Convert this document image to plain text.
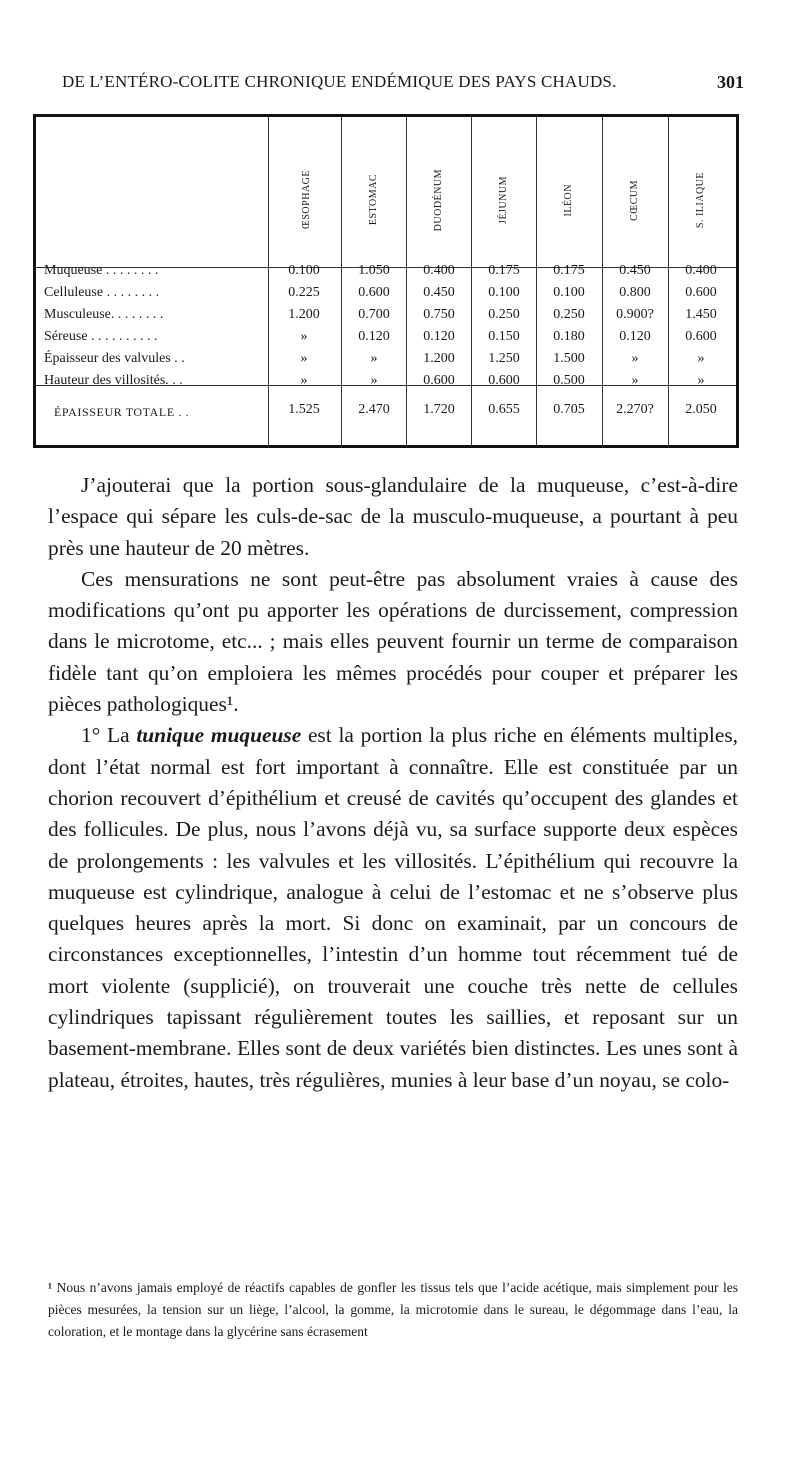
DE L’ENTÉRO-COLITE CHRONIQUE ENDÉMIQUE DES PAYS CHAUDS.	301
ŒSOPHAGE	ESTOMAC	DUODÉNUM	JÉJUNUM	ILÉON	CŒCUM	S. ILIAQUE
Muqueuse . . . . . . . .	0.100	1.050	0.400	0.175	0.175	0.450	0.400
Celluleuse . . . . . . . .	0.225	0.600	0.450	0.100	0.100	0.800	0.600
Musculeuse. . . . . . . .	1.200	0.700	0.750	0.250	0.250	0.900?	1.450
Séreuse . . . . . . . . . .	»	0.120	0.120	0.150	0.180	0.120	0.600
Épaisseur des valvules . .	»	»	1.200	1.250	1.500	»	»
Hauteur des villosités. . .	»	»	0.600	0.600	0.500	»	»
ÉPAISSEUR TOTALE . .	1.525	2.470	1.720	0.655	0.705	2.270?	2.050

J’ajouterai que la portion sous-glandulaire de la muqueuse, c’est-à-dire l’espace qui sépare les culs-de-sac de la musculo-muqueuse, a pourtant à peu près une hauteur de 20 mètres.

Ces mensurations ne sont peut-être pas absolument vraies à cause des modifications qu’ont pu apporter les opérations de durcissement, compression dans le microtome, etc... ; mais elles peuvent fournir un terme de comparaison fidèle tant qu’on emploiera les mêmes procédés pour couper et préparer les pièces pathologiques¹.

1° La tunique muqueuse est la portion la plus riche en éléments multiples, dont l’état normal est fort important à connaître. Elle est constituée par un chorion recouvert d’épithélium et creusé de cavités qu’occupent des glandes et des follicules. De plus, nous l’avons déjà vu, sa surface supporte deux espèces de prolongements : les valvules et les villosités. L’épithélium qui recouvre la muqueuse est cylindrique, analogue à celui de l’estomac et ne s’observe plus quelques heures après la mort. Si donc on examinait, par un concours de circonstances exceptionnelles, l’intestin d’un homme tout récemment tué de mort violente (supplicié), on trouverait une couche très nette de cellules cylindriques tapissant régulièrement toutes les saillies, et reposant sur un basement-membrane. Elles sont de deux variétés bien distinctes. Les unes sont à plateau, étroites, hautes, très régulières, munies à leur base d’un noyau, se colo-

¹ Nous n’avons jamais employé de réactifs capables de gonfler les tissus tels que l’acide acétique, mais simplement pour les pièces mesurées, la tension sur un liège, l’alcool, la gomme, la microtomie dans le sureau, le dégommage dans l’eau, la coloration, et le montage dans la glycérine sans écrasement
